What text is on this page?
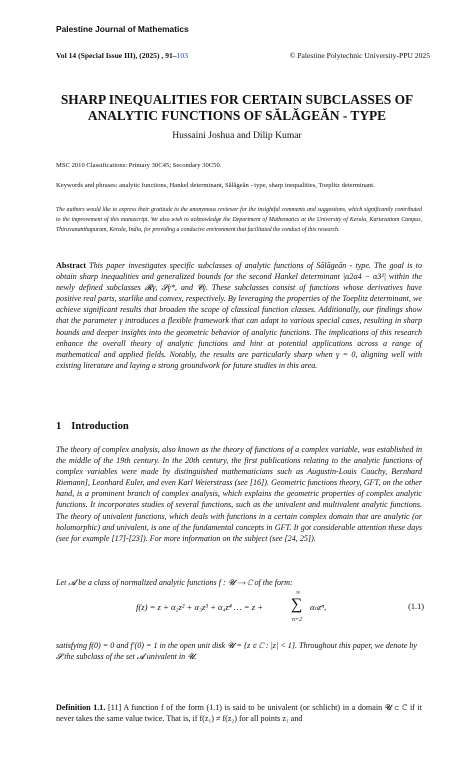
Palestine Journal of Mathematics
Vol 14 (Special Issue III), (2025) , 91–103	© Palestine Polytechnic University-PPU 2025
SHARP INEQUALITIES FOR CERTAIN SUBCLASSES OF
ANALYTIC FUNCTIONS OF SĂLĂGEĂN - TYPE
Hussaini Joshua and Dilip Kumar
MSC 2010 Classifications: Primary 30C45; Secondary 30C50.
Keywords and phrases: analytic functions, Hankel determinant, Sălăgeăn - type, sharp inequalities, Toeplitz determinant.
The authors would like to express their gratitude to the anonymous reviewer for the insightful comments and suggestions, which significantly contributed to the improvement of this manuscript. We also wish to acknowledge the Department of Mathematics at the University of Kerala, Kariavattom Campus, Thiruvananthapuram, Kerala, India, for providing a conducive environment that facilitated the conduct of this research.
Abstract This paper investigates specific subclasses of analytic functions of Sălăgeăn - type. The goal is to obtain sharp inequalities and generalized bounds for the second Hankel determinant |α2α4 − α3²| within the newly defined subclasses 𝓡γ, 𝓢γ*, and 𝓒γ. These subclasses consist of functions whose derivatives have positive real parts, starlike and convex, respectively. By leveraging the properties of the Toeplitz determinant, we achieve significant results that broaden the scope of classical function classes. Additionally, our findings show that the parameter γ introduces a flexible framework that can adapt to various special cases, resulting in sharp bounds and deeper insights into the geometric behavior of analytic functions. The implications of this research enhance the overall theory of analytic functions and hint at potential applications across a range of mathematical and applied fields. Notably, the results are particularly sharp when γ = 0, aligning well with existing literature and laying a strong groundwork for future studies in this area.
1 Introduction
The theory of complex analysis, also known as the theory of functions of a complex variable, was established in the middle of the 19th century. In the 20th century, the first publications relating to the analytic functions of complex variables were made by distinguished mathematicians such as Augustin-Louis Cauchy, Bernhard Riemann], Leonhard Euler, and even Karl Weierstrass (see [16]). Geometric functions theory, GFT, on the other hand, is a prominent branch of complex analysis, which explains the geometric properties of complex analytic functions. It incorporates studies of several functions, such as the univalent and multivalent analytic functions. The theory of univalent functions, which deals with functions in a certain complex domain that are analytic (or holomorphic) and univalent, is one of the fundamental concepts in GFT. It got considerable attention these days (see for example [17]-[23]). For more information on the subject (see [24, 25]).
Let 𝓐 be a class of normalized analytic functions f : 𝓤 ⟶ ℂ of the form:
f(z) = z + α₂z² + α₃z³ + α₄z⁴ … = z +
∞
∑
n=2
αₙzⁿ,	(1.1)
satisfying f(0) = 0 and f′(0) = 1 in the open unit disk 𝓤 = {z ∈ ℂ : |z| < 1}. Throughout this paper, we denote by 𝓢 the subclass of the set 𝓐 univalent in 𝓤.
Definition 1.1. [11] A function f of the form (1.1) is said to be univalent (or schlicht) in a domain 𝓤 ⊂ ℂ if it never takes the same value twice. That is, if f(z₁) ≠ f(z₂) for all points z₁ and
